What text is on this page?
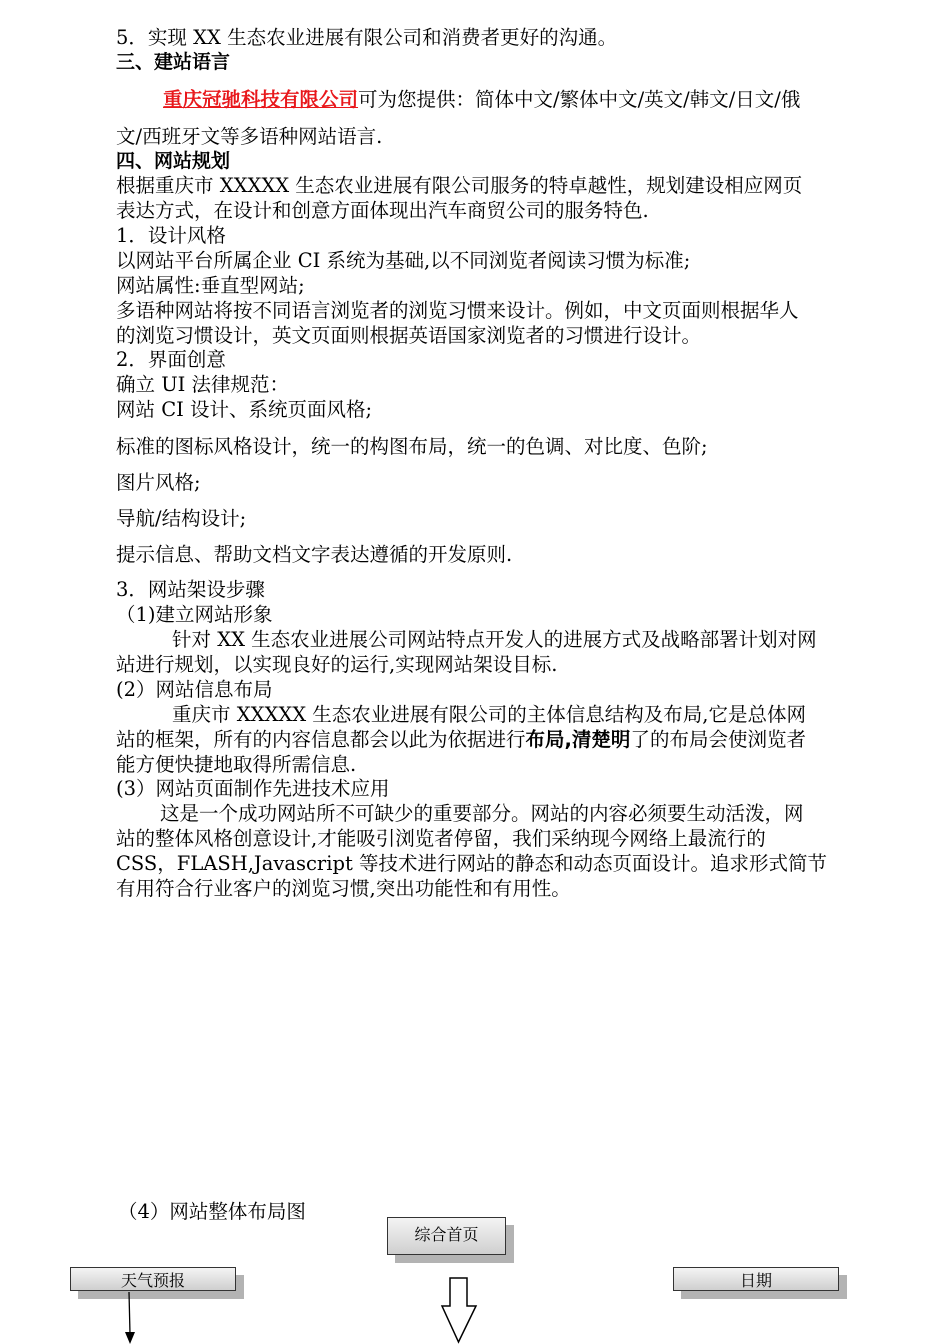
5．实现 XX 生态农业进展有限公司和消费者更好的沟通。
三、建站语言
重庆冠驰科技有限公司可为您提供：简体中文/繁体中文/英文/韩文/日文/俄
文/西班牙文等多语种网站语言.
四、网站规划
根据重庆市 XXXXX 生态农业进展有限公司服务的特卓越性，规划建设相应网页
表达方式，在设计和创意方面体现出汽车商贸公司的服务特色.
1．设计风格
以网站平台所属企业 CI 系统为基础,以不同浏览者阅读习惯为标准;
网站属性:垂直型网站;
多语种网站将按不同语言浏览者的浏览习惯来设计。例如，中文页面则根据华人
的浏览习惯设计，英文页面则根据英语国家浏览者的习惯进行设计。
2．界面创意
确立 UI 法律规范：
网站 CI 设计、系统页面风格;
标准的图标风格设计，统一的构图布局，统一的色调、对比度、色阶;
图片风格;
导航/结构设计;
提示信息、帮助文档文字表达遵循的开发原则.
3．网站架设步骤
（1)建立网站形象
针对 XX 生态农业进展公司网站特点开发人的进展方式及战略部署计划对网
站进行规划，以实现良好的运行,实现网站架设目标.
(2）网站信息布局
重庆市 XXXXX 生态农业进展有限公司的主体信息结构及布局,它是总体网
站的框架，所有的内容信息都会以此为依据进行布局,清楚明了的布局会使浏览者
能方便快捷地取得所需信息.
(3）网站页面制作先进技术应用
这是一个成功网站所不可缺少的重要部分。网站的内容必须要生动活泼，网
站的整体风格创意设计,才能吸引浏览者停留，我们采纳现今网络上最流行的
CSS，FLASH,Javascript 等技术进行网站的静态和动态页面设计。追求形式简节
有用符合行业客户的浏览习惯,突出功能性和有用性。
（4）网站整体布局图
综合首页
天气预报	日期
